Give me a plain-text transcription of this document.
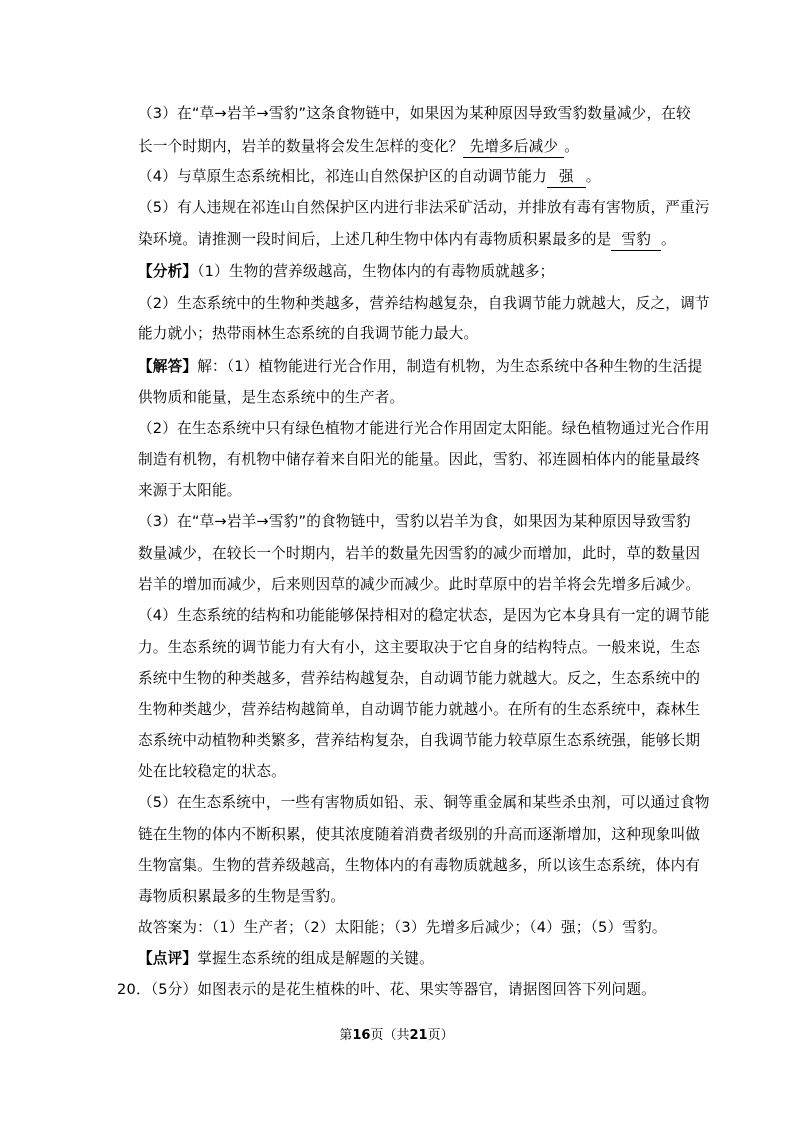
（3）在“草→岩羊→雪豹”这条食物链中，如果因为某种原因导致雪豹数量减少，在较
长一个时期内，岩羊的数量将会发生怎样的变化？ 先增多后减少 。
（4）与草原生态系统相比，祁连山自然保护区的自动调节能力 强 。
（5）有人违规在祁连山自然保护区内进行非法采矿活动，并排放有毒有害物质，严重污
染环境。请推测一段时间后，上述几种生物中体内有毒物质积累最多的是 雪豹 。
【分析】（1）生物的营养级越高，生物体内的有毒物质就越多；
（2）生态系统中的生物种类越多，营养结构越复杂，自我调节能力就越大，反之，调节
能力就小；热带雨林生态系统的自我调节能力最大。
【解答】解：（1）植物能进行光合作用，制造有机物，为生态系统中各种生物的生活提
供物质和能量，是生态系统中的生产者。
（2）在生态系统中只有绿色植物才能进行光合作用固定太阳能。绿色植物通过光合作用
制造有机物，有机物中储存着来自阳光的能量。因此，雪豹、祁连圆柏体内的能量最终
来源于太阳能。
（3）在“草→岩羊→雪豹”的食物链中，雪豹以岩羊为食，如果因为某种原因导致雪豹
数量减少，在较长一个时期内，岩羊的数量先因雪豹的减少而增加，此时，草的数量因
岩羊的增加而减少，后来则因草的减少而减少。此时草原中的岩羊将会先增多后减少。
（4）生态系统的结构和功能能够保持相对的稳定状态，是因为它本身具有一定的调节能
力。生态系统的调节能力有大有小，这主要取决于它自身的结构特点。一般来说，生态
系统中生物的种类越多，营养结构越复杂，自动调节能力就越大。反之，生态系统中的
生物种类越少，营养结构越简单，自动调节能力就越小。在所有的生态系统中，森林生
态系统中动植物种类繁多，营养结构复杂，自我调节能力较草原生态系统强，能够长期
处在比较稳定的状态。
（5）在生态系统中，一些有害物质如铅、汞、铜等重金属和某些杀虫剂，可以通过食物
链在生物的体内不断积累，使其浓度随着消费者级别的升高而逐渐增加，这种现象叫做
生物富集。生物的营养级越高，生物体内的有毒物质就越多，所以该生态系统，体内有
毒物质积累最多的生物是雪豹。
故答案为：（1）生产者；（2）太阳能；（3）先增多后减少；（4）强；（5）雪豹。
【点评】掌握生态系统的组成是解题的关键。
20．（5分）如图表示的是花生植株的叶、花、果实等器官，请据图回答下列问题。
第16页（共21页）
